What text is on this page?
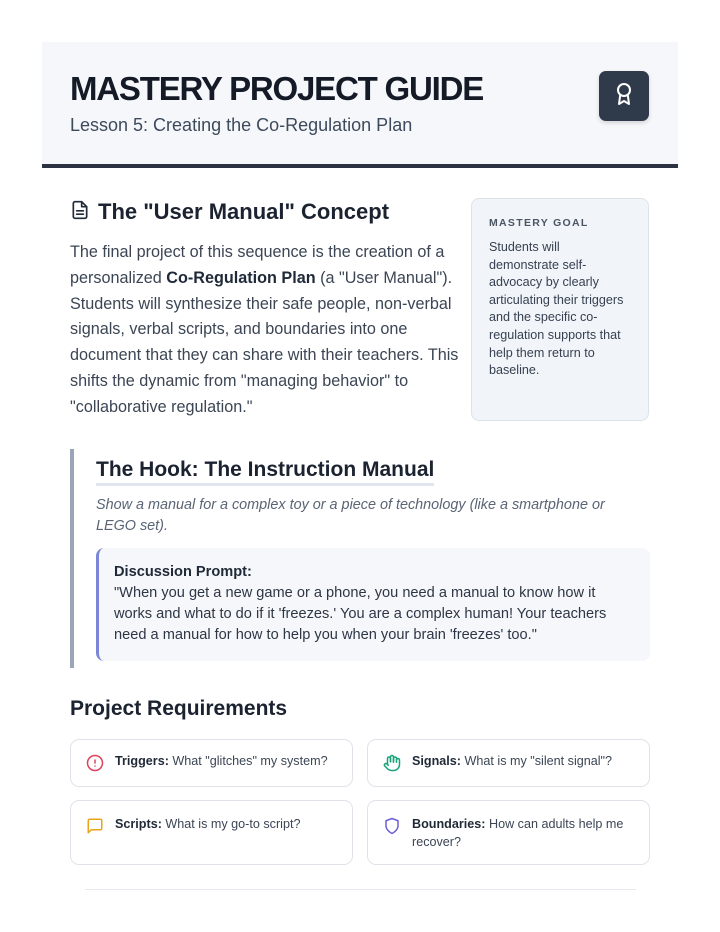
MASTERY PROJECT GUIDE
Lesson 5: Creating the Co-Regulation Plan
The "User Manual" Concept

The final project of this sequence is the creation of a personalized Co-Regulation Plan (a "User Manual"). Students will synthesize their safe people, non-verbal signals, verbal scripts, and boundaries into one document that they can share with their teachers. This shifts the dynamic from "managing behavior" to "collaborative regulation."

MASTERY GOAL
Students will demonstrate self-advocacy by clearly articulating their triggers and the specific co-regulation supports that help them return to baseline.
The Hook: The Instruction Manual
Show a manual for a complex toy or a piece of technology (like a smartphone or LEGO set).
Discussion Prompt:
"When you get a new game or a phone, you need a manual to know how it works and what to do if it 'freezes.' You are a complex human! Your teachers need a manual for how to help you when your brain 'freezes' too."
Project Requirements
Triggers: What "glitches" my system?	Signals: What is my "silent signal"?
Scripts: What is my go-to script?	Boundaries: How can adults help me recover?
